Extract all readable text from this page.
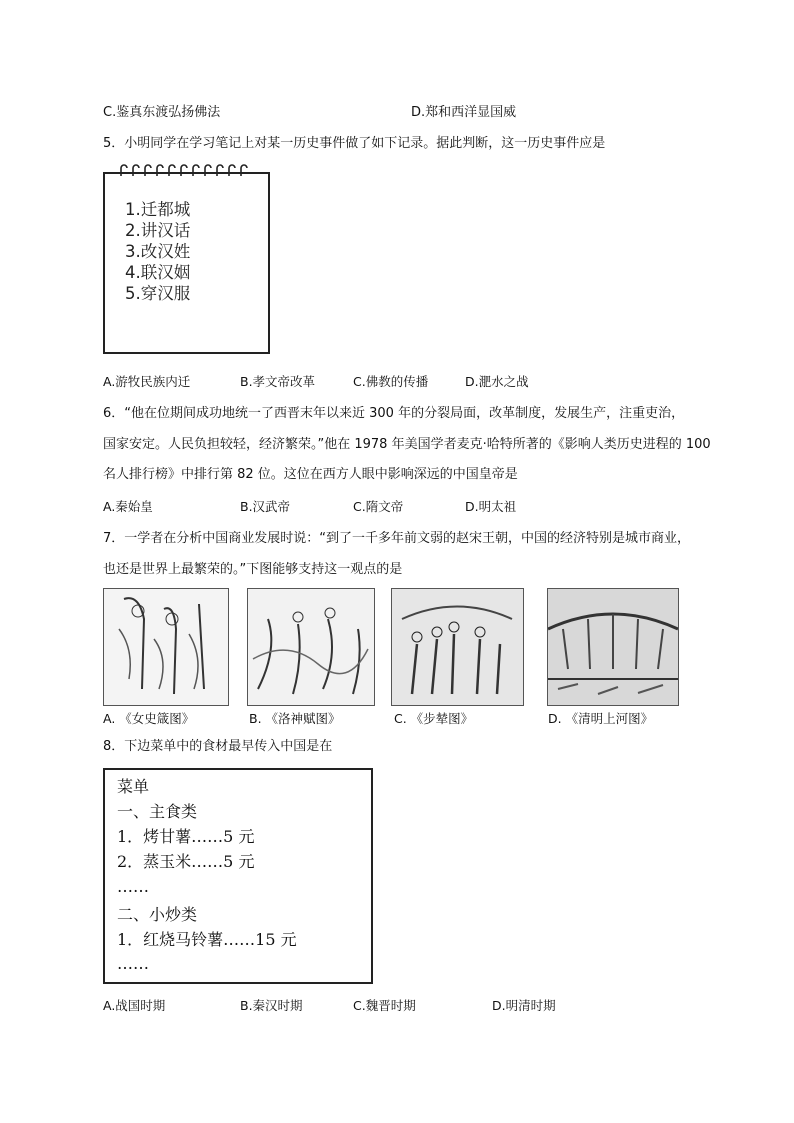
C.鉴真东渡弘扬佛法	D.郑和西洋显国威
5．小明同学在学习笔记上对某一历史事件做了如下记录。据此判断，这一历史事件应是
1.迁都城
2.讲汉话
3.改汉姓
4.联汉姻
5.穿汉服
A.游牧民族内迁	B.孝文帝改革	C.佛教的传播	D.淝水之战
6．“他在位期间成功地统一了西晋末年以来近 300 年的分裂局面，改革制度，发展生产，注重吏治，
国家安定。人民负担较轻，经济繁荣。”他在 1978 年美国学者麦克·哈特所著的《影响人类历史进程的 100
名人排行榜》中排行第 82 位。这位在西方人眼中影响深远的中国皇帝是
A.秦始皇	B.汉武帝	C.隋文帝	D.明太祖
7．一学者在分析中国商业发展时说：“到了一千多年前文弱的赵宋王朝，中国的经济特别是城市商业，
也还是世界上最繁荣的。”下图能够支持这一观点的是
A. 《女史箴图》	B. 《洛神赋图》	C. 《步辇图》	D. 《清明上河图》
8．下边菜单中的食材最早传入中国是在
菜单
一、主食类
1．烤甘薯……5 元
2．蒸玉米……5 元
……
二、小炒类
1．红烧马铃薯……15 元
……
A.战国时期	B.秦汉时期	C.魏晋时期	D.明清时期
